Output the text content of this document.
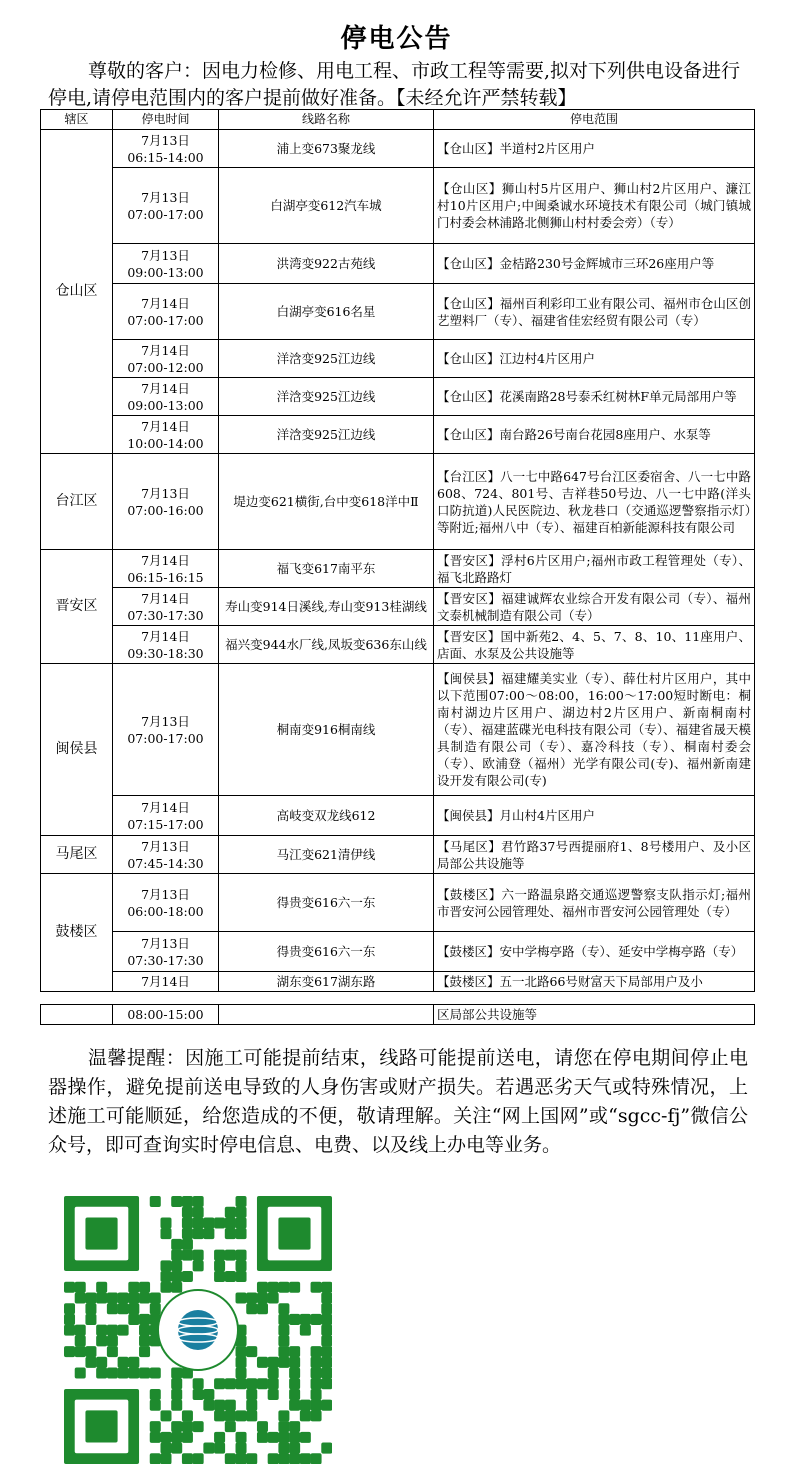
停电公告
尊敬的客户：因电力检修、用电工程、市政工程等需要,拟对下列供电设备进行停电,请停电范围内的客户提前做好准备。【未经允许严禁转载】
辖区	停电时间	线路名称	停电范围
仓山区	7月13日
06:15-14:00	浦上变673聚龙线	【仓山区】半道村2片区用户

	7月13日
07:00-17:00	白湖亭变612汽车城	【仓山区】狮山村5片区用户、狮山村2片区用户、濂江村10片区用户;中闽桑诚水环境技术有限公司（城门镇城门村委会林浦路北侧狮山村村委会旁）（专）

	7月13日
09:00-13:00	洪湾变922古苑线	【仓山区】金桔路230号金辉城市三环26座用户等

	7月14日
07:00-17:00	白湖亭变616名星	【仓山区】福州百利彩印工业有限公司、福州市仓山区创艺塑料厂（专）、福建省佳宏经贸有限公司（专）

	7月14日
07:00-12:00	洋浛变925江边线	【仓山区】江边村4片区用户

	7月14日
09:00-13:00	洋浛变925江边线	【仓山区】花溪南路28号泰禾红树林F单元局部用户等

	7月14日
10:00-14:00	洋浛变925江边线	【仓山区】南台路26号南台花园8座用户、水泵等
台江区	7月13日
07:00-16:00	堤边变621横街,台中变618洋中Ⅱ	【台江区】八一七中路647号台江区委宿舍、八一七中路608、724、801号、吉祥巷50号边、八一七中路(洋头口防抗道)人民医院边、秋龙巷口（交通巡逻警察指示灯）等附近;福州八中（专）、福建百柏新能源科技有限公司
晋安区	7月14日
06:15-16:15	福飞变617南平东	【晋安区】浮村6片区用户;福州市政工程管理处（专）、福飞北路路灯

	7月14日
07:30-17:30	寿山变914日溪线,寿山变913桂湖线	【晋安区】福建诚辉农业综合开发有限公司（专）、福州文泰机械制造有限公司（专）

	7月14日
09:30-18:30	福兴变944水厂线,凤坂变636东山线	【晋安区】国中新苑2、4、5、7、8、10、11座用户、店面、水泵及公共设施等
闽侯县	7月13日
07:00-17:00	桐南变916桐南线	【闽侯县】福建耀美实业（专）、薛仕村片区用户，其中以下范围07:00～08:00，16:00～17:00短时断电：桐南村湖边片区用户、湖边村2片区用户、新南桐南村（专）、福建蓝碟光电科技有限公司（专）、福建省晟天模具制造有限公司（专）、嘉冷科技（专）、桐南村委会（专）、欧浦登（福州）光学有限公司(专)、福州新南建设开发有限公司(专)

	7月14日
07:15-17:00	高岐变双龙线612	【闽侯县】月山村4片区用户
马尾区	7月13日
07:45-14:30	马江变621清伊线	【马尾区】君竹路37号西提丽府1、8号楼用户、及小区局部公共设施等
鼓楼区	7月13日
06:00-18:00	得贵变616六一东	【鼓楼区】六一路温泉路交通巡逻警察支队指示灯;福州市晋安河公园管理处、福州市晋安河公园管理处（专）

	7月13日
07:30-17:30	得贵变616六一东	【鼓楼区】安中学梅亭路（专）、延安中学梅亭路（专）

	7月14日	湖东变617湖东路	【鼓楼区】五一北路66号财富天下局部用户及小
	08:00-15:00		区局部公共设施等
温馨提醒：因施工可能提前结束，线路可能提前送电，请您在停电期间停止电器操作，避免提前送电导致的人身伤害或财产损失。若遇恶劣天气或特殊情况，上述施工可能顺延，给您造成的不便，敬请理解。关注“网上国网”或“sgcc-fj”微信公众号，即可查询实时停电信息、电费、以及线上办电等业务。
